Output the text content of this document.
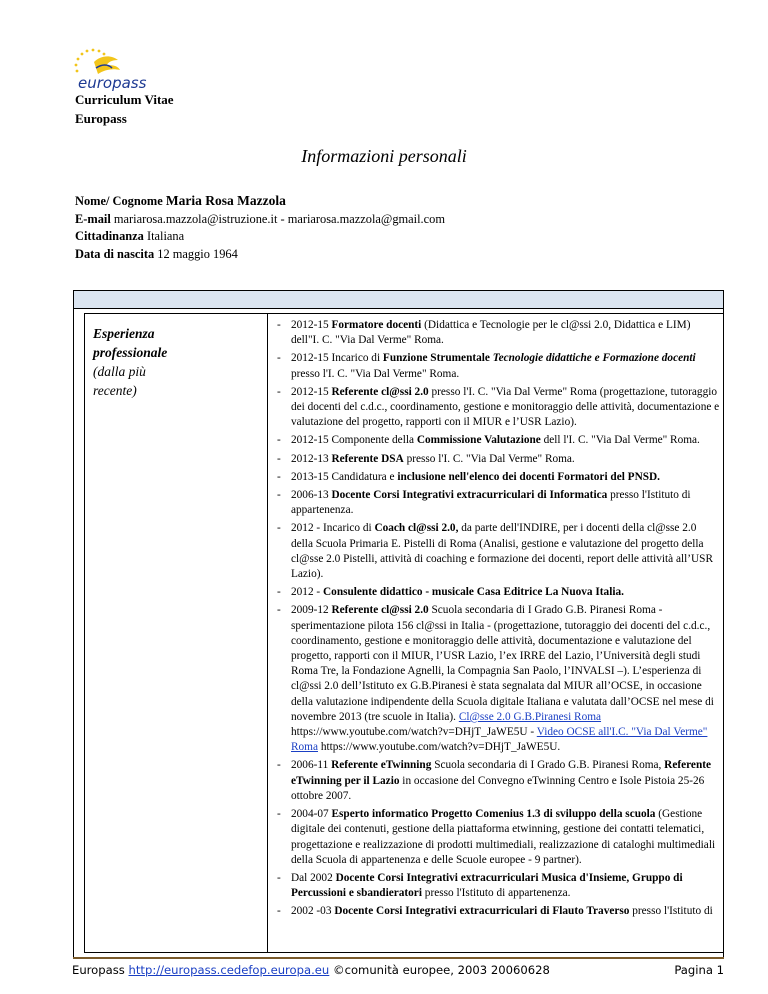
europass
Curriculum Vitae
Europass
Informazioni personali
Nome/ Cognome Maria Rosa Mazzola
E-mail mariarosa.mazzola@istruzione.it - mariarosa.mazzola@gmail.com
Cittadinanza Italiana
Data di nascita 12 maggio 1964
Esperienza
professionale
(dalla più
recente)
- 2012-15 Formatore docenti (Didattica e Tecnologie per le cl@ssi 2.0, Didattica e LIM) dell"I. C. "Via Dal Verme" Roma.
- 2012-15 Incarico di Funzione Strumentale Tecnologie didattiche e Formazione docenti presso l'I. C. "Via Dal Verme" Roma.
- 2012-15 Referente cl@ssi 2.0 presso l'I. C. "Via Dal Verme" Roma (progettazione, tutoraggio dei docenti del c.d.c., coordinamento, gestione e monitoraggio delle attività, documentazione e valutazione del progetto, rapporti con il MIUR e l’USR Lazio).
- 2012-15 Componente della Commissione Valutazione dell l'I. C. "Via Dal Verme" Roma.
- 2012-13 Referente DSA presso l'I. C. "Via Dal Verme" Roma.
- 2013-15 Candidatura e inclusione nell'elenco dei docenti Formatori del PNSD.
- 2006-13 Docente Corsi Integrativi extracurriculari di Informatica presso l'Istituto di appartenenza.
- 2012 - Incarico di Coach cl@ssi 2.0, da parte dell'INDIRE, per i docenti della cl@sse 2.0 della Scuola Primaria E. Pistelli di Roma (Analisi, gestione e valutazione del progetto della cl@sse 2.0 Pistelli, attività di coaching e formazione dei docenti, report delle attività all’USR Lazio).
- 2012 - Consulente didattico - musicale Casa Editrice La Nuova Italia.
- 2009-12 Referente cl@ssi 2.0 Scuola secondaria di I Grado G.B. Piranesi Roma - sperimentazione pilota 156 cl@ssi in Italia - (progettazione, tutoraggio dei docenti del c.d.c., coordinamento, gestione e monitoraggio delle attività, documentazione e valutazione del progetto, rapporti con il MIUR, l’USR Lazio, l’ex IRRE del Lazio, l’Università degli studi Roma Tre, la Fondazione Agnelli, la Compagnia San Paolo, l’INVALSI –). L’esperienza di cl@ssi 2.0 dell’Istituto ex G.B.Piranesi è stata segnalata dal MIUR all’OCSE, in occasione della valutazione indipendente della Scuola digitale Italiana e valutata dall’OCSE nel mese di novembre 2013 (tre scuole in Italia). Cl@sse 2.0 G.B.Piranesi Roma https://www.youtube.com/watch?v=DHjT_JaWE5U - Video OCSE all'I.C. "Via Dal Verme" Roma https://www.youtube.com/watch?v=DHjT_JaWE5U.
- 2006-11 Referente eTwinning Scuola secondaria di I Grado G.B. Piranesi Roma, Referente eTwinning per il Lazio in occasione del Convegno eTwinning Centro e Isole Pistoia 25-26 ottobre 2007.
- 2004-07 Esperto informatico Progetto Comenius 1.3 di sviluppo della scuola (Gestione digitale dei contenuti, gestione della piattaforma etwinning, gestione dei contatti telematici, progettazione e realizzazione di prodotti multimediali, realizzazione di cataloghi multimediali della Scuola di appartenenza e delle Scuole europee - 9 partner).
- Dal 2002 Docente Corsi Integrativi extracurriculari Musica d'Insieme, Gruppo di Percussioni e sbandieratori presso l'Istituto di appartenenza.
- 2002 -03 Docente Corsi Integrativi extracurriculari di Flauto Traverso presso l'Istituto di
Europass http://europass.cedefop.europa.eu ©comunità europee, 2003 20060628	Pagina 1
